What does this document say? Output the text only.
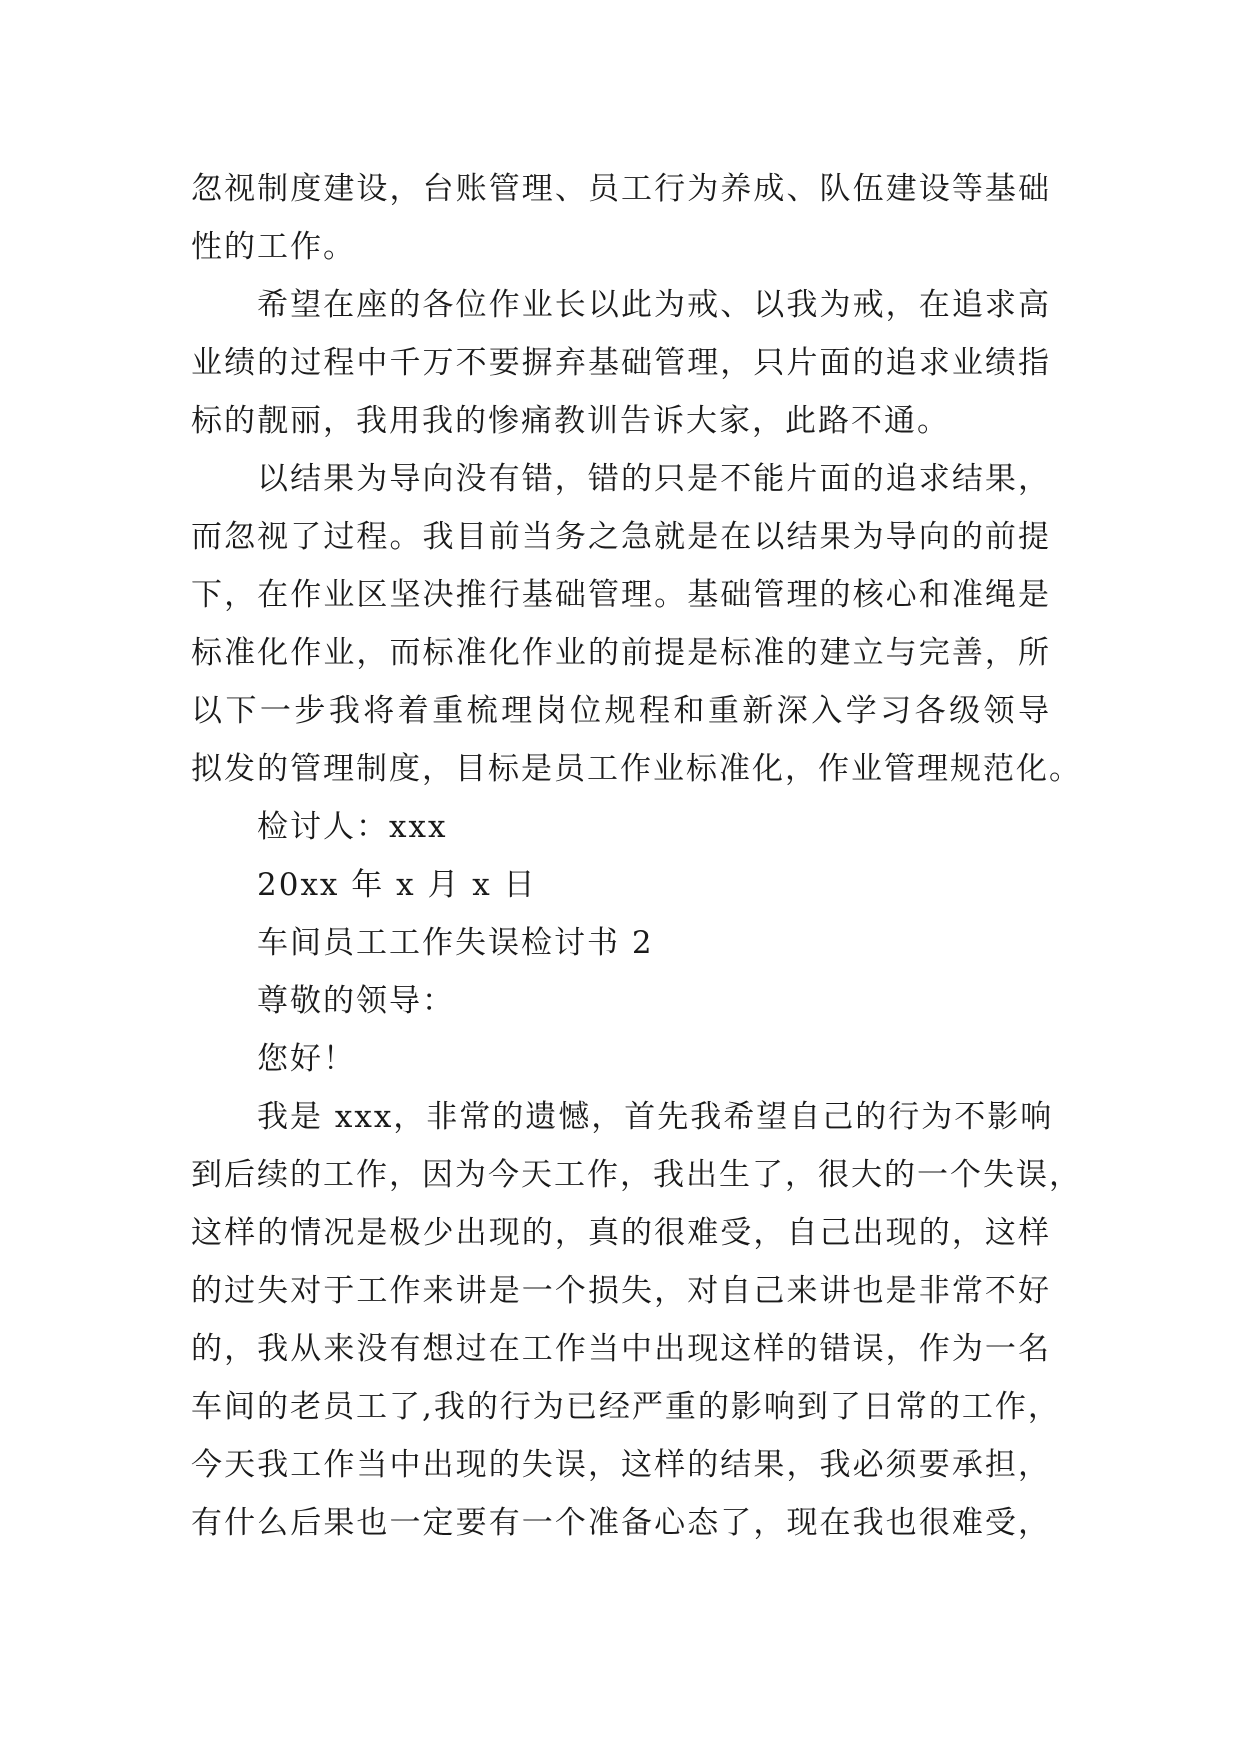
忽视制度建设，台账管理、员工行为养成、队伍建设等基础
性的工作。
希望在座的各位作业长以此为戒、以我为戒，在追求高
业绩的过程中千万不要摒弃基础管理，只片面的追求业绩指
标的靓丽，我用我的惨痛教训告诉大家，此路不通。
以结果为导向没有错，错的只是不能片面的追求结果，
而忽视了过程。我目前当务之急就是在以结果为导向的前提
下，在作业区坚决推行基础管理。基础管理的核心和准绳是
标准化作业，而标准化作业的前提是标准的建立与完善，所
以下一步我将着重梳理岗位规程和重新深入学习各级领导
拟发的管理制度，目标是员工作业标准化，作业管理规范化。
检讨人：xxx
20xx 年 x 月 x 日
车间员工工作失误检讨书 2
尊敬的领导：
您好！
我是 xxx，非常的遗憾，首先我希望自己的行为不影响
到后续的工作，因为今天工作，我出生了，很大的一个失误，
这样的情况是极少出现的，真的很难受，自己出现的，这样
的过失对于工作来讲是一个损失，对自己来讲也是非常不好
的，我从来没有想过在工作当中出现这样的错误，作为一名
车间的老员工了,我的行为已经严重的影响到了日常的工作，
今天我工作当中出现的失误，这样的结果，我必须要承担，
有什么后果也一定要有一个准备心态了，现在我也很难受，
